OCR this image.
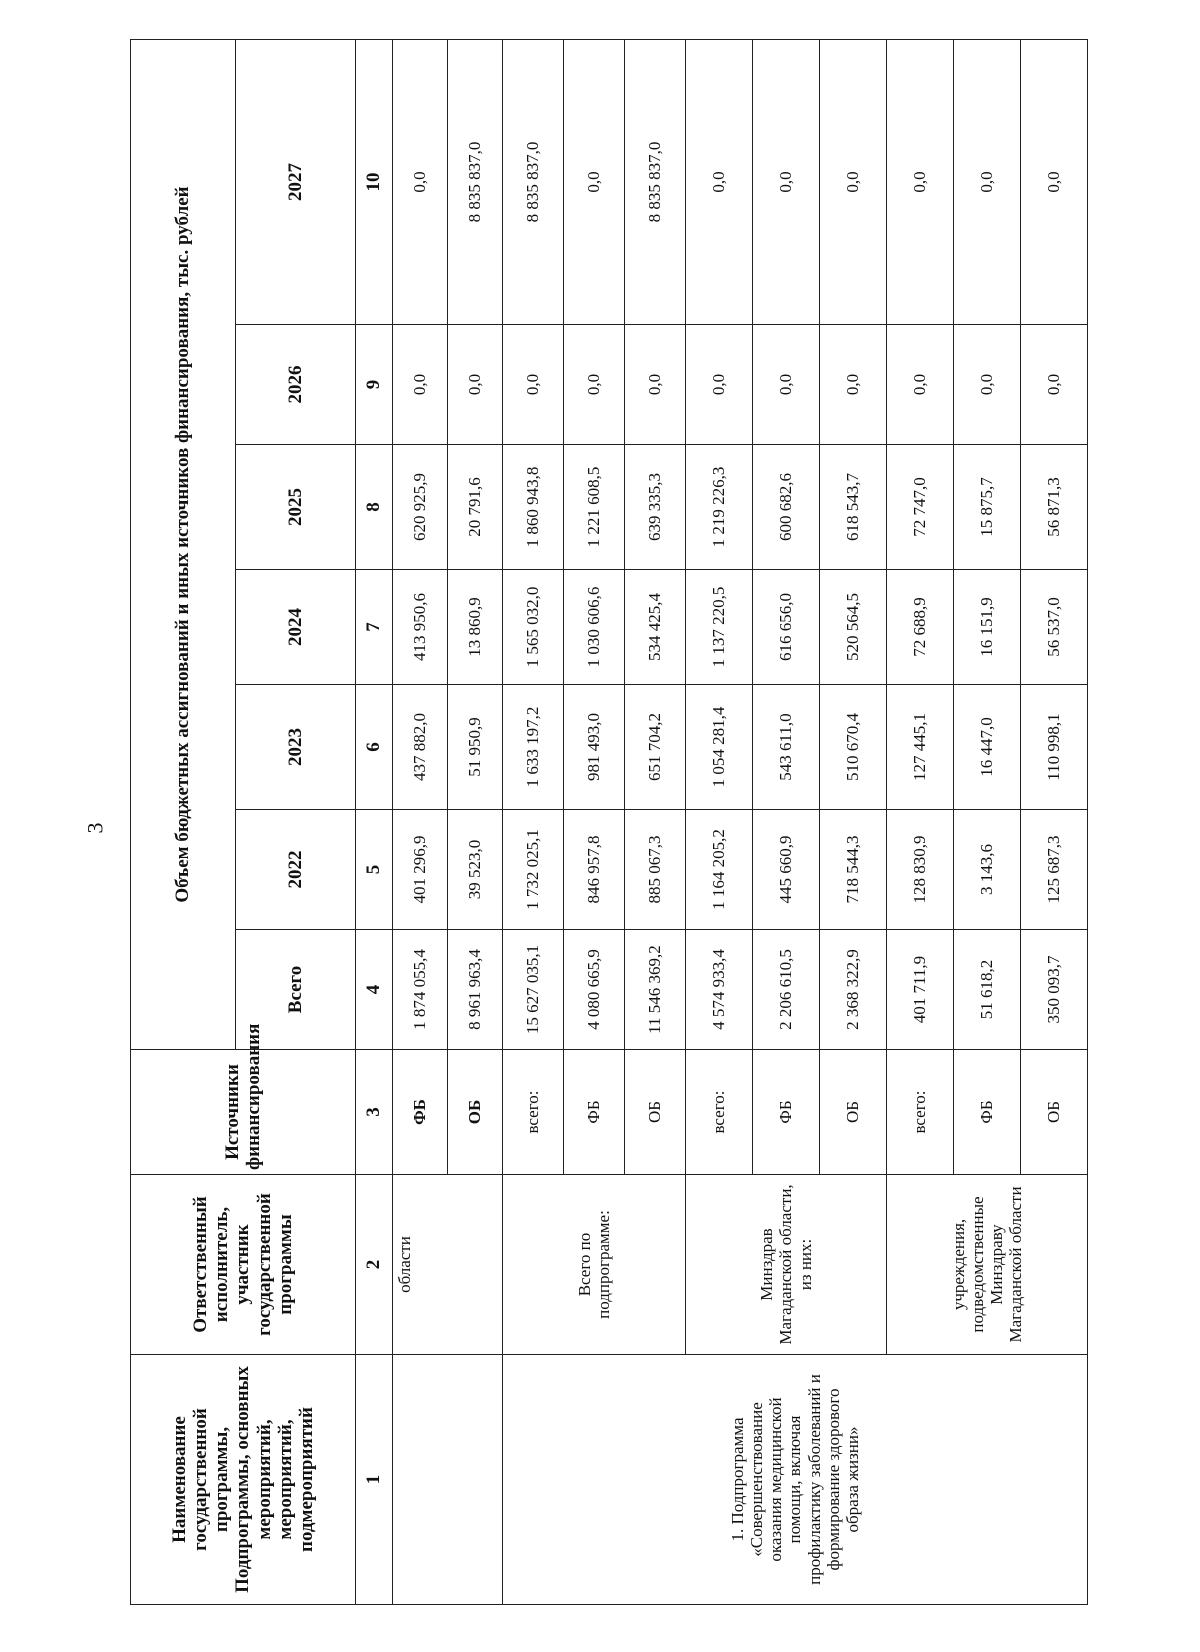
3
Наименование государственной программы, Подпрограммы, основных мероприятий, мероприятий, подмероприятий	Ответственный исполнитель, участник государственной программы	Источники финансирования	Объем бюджетных ассигнований и иных источников финансирования, тыс. рублей						
			Всего	2022	2023	2024	2025	2026	2027
1	2	3	4	5	6	7	8	9	10
	области	ФБ	1 874 055,4	401 296,9	437 882,0	413 950,6	620 925,9	0,0	0,0
		ОБ	8 961 963,4	39 523,0	51 950,9	13 860,9	20 791,6	0,0	8 835 837,0
1. Подпрограмма «Совершенствование оказания медицинской помощи, включая профилактику заболеваний и формирование здорового образа жизни»	Всего по подпрограмме:	всего:	15 627 035,1	1 732 025,1	1 633 197,2	1 565 032,0	1 860 943,8	0,0	8 835 837,0
		ФБ	4 080 665,9	846 957,8	981 493,0	1 030 606,6	1 221 608,5	0,0	0,0
		ОБ	11 546 369,2	885 067,3	651 704,2	534 425,4	639 335,3	0,0	8 835 837,0
	Минздрав Магаданской области, из них:	всего:	4 574 933,4	1 164 205,2	1 054 281,4	1 137 220,5	1 219 226,3	0,0	0,0
		ФБ	2 206 610,5	445 660,9	543 611,0	616 656,0	600 682,6	0,0	0,0
		ОБ	2 368 322,9	718 544,3	510 670,4	520 564,5	618 543,7	0,0	0,0
	учреждения, подведомственные Минздраву Магаданской области	всего:	401 711,9	128 830,9	127 445,1	72 688,9	72 747,0	0,0	0,0
		ФБ	51 618,2	3 143,6	16 447,0	16 151,9	15 875,7	0,0	0,0
		ОБ	350 093,7	125 687,3	110 998,1	56 537,0	56 871,3	0,0	0,0
